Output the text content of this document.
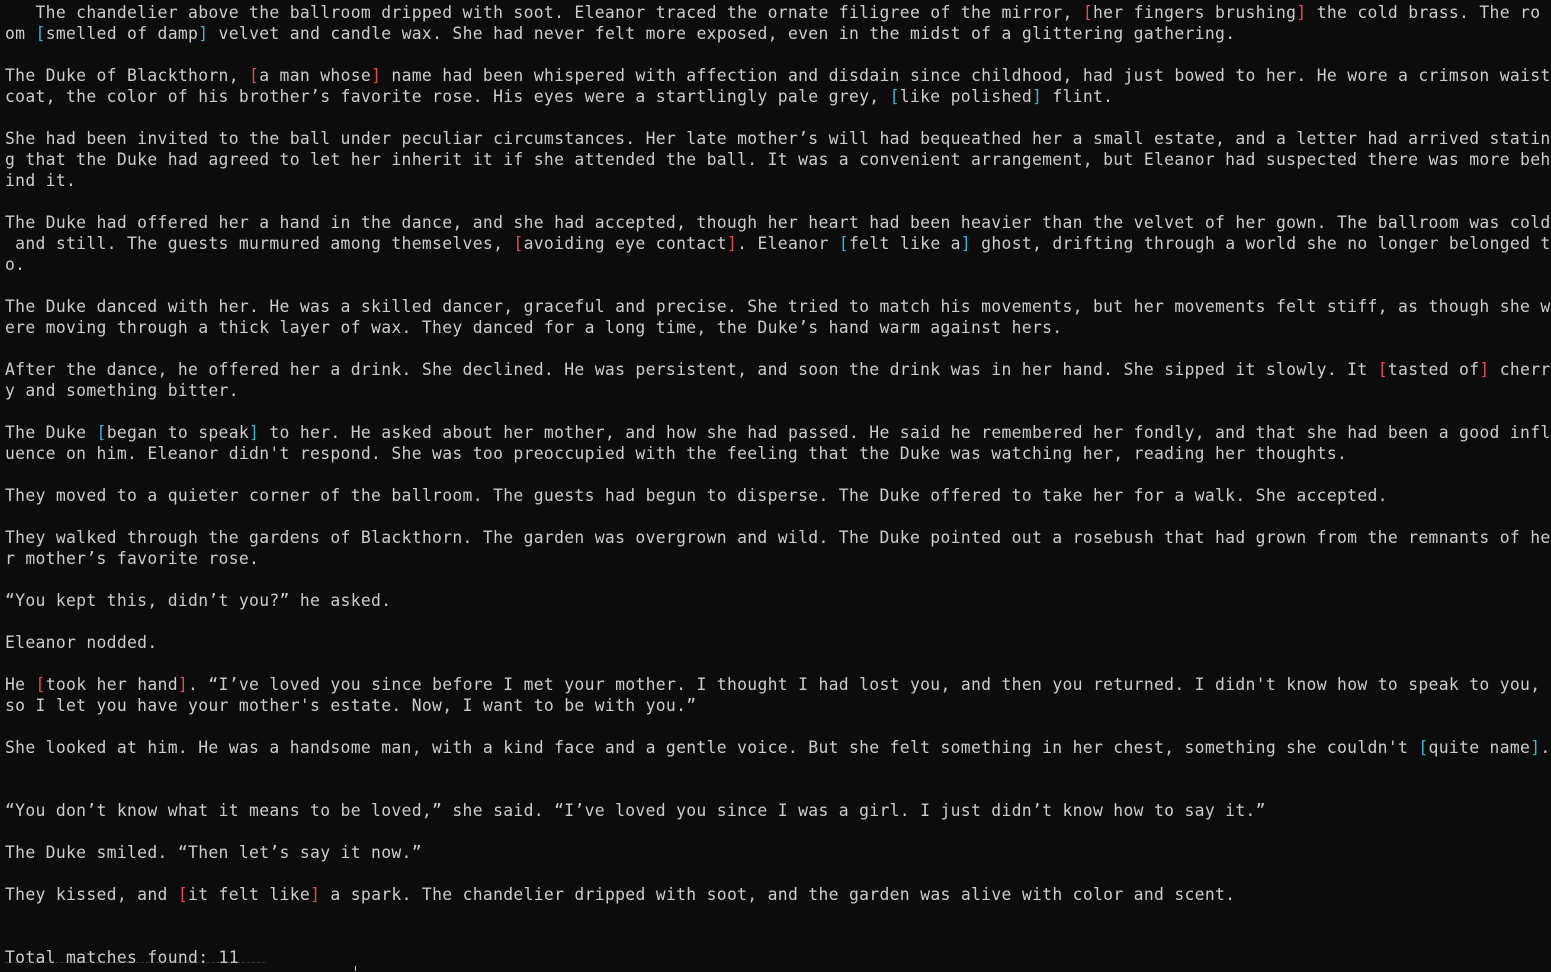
The chandelier above the ballroom dripped with soot. Eleanor traced the ornate filigree of the mirror, [her fingers brushing] the cold brass. The ro
om [smelled of damp] velvet and candle wax. She had never felt more exposed, even in the midst of a glittering gathering.
The Duke of Blackthorn, [a man whose] name had been whispered with affection and disdain since childhood, had just bowed to her. He wore a crimson waist
coat, the color of his brother’s favorite rose. His eyes were a startlingly pale grey, [like polished] flint.
She had been invited to the ball under peculiar circumstances. Her late mother’s will had bequeathed her a small estate, and a letter had arrived statin
g that the Duke had agreed to let her inherit it if she attended the ball. It was a convenient arrangement, but Eleanor had suspected there was more beh
ind it.
The Duke had offered her a hand in the dance, and she had accepted, though her heart had been heavier than the velvet of her gown. The ballroom was cold
and still. The guests murmured among themselves, [avoiding eye contact]. Eleanor [felt like a] ghost, drifting through a world she no longer belonged t
o.
The Duke danced with her. He was a skilled dancer, graceful and precise. She tried to match his movements, but her movements felt stiff, as though she w
ere moving through a thick layer of wax. They danced for a long time, the Duke’s hand warm against hers.
After the dance, he offered her a drink. She declined. He was persistent, and soon the drink was in her hand. She sipped it slowly. It [tasted of] cherr
y and something bitter.
The Duke [began to speak] to her. He asked about her mother, and how she had passed. He said he remembered her fondly, and that she had been a good infl
uence on him. Eleanor didn't respond. She was too preoccupied with the feeling that the Duke was watching her, reading her thoughts.
They moved to a quieter corner of the ballroom. The guests had begun to disperse. The Duke offered to take her for a walk. She accepted.
They walked through the gardens of Blackthorn. The garden was overgrown and wild. The Duke pointed out a rosebush that had grown from the remnants of he
r mother’s favorite rose.
“You kept this, didn’t you?” he asked.
Eleanor nodded.
He [took her hand]. “I’ve loved you since before I met your mother. I thought I had lost you, and then you returned. I didn't know how to speak to you,
so I let you have your mother's estate. Now, I want to be with you.”
She looked at him. He was a handsome man, with a kind face and a gentle voice. But she felt something in her chest, something she couldn't [quite name].
“You don’t know what it means to be loved,” she said. “I’ve loved you since I was a girl. I just didn’t know how to say it.”
The Duke smiled. “Then let’s say it now.”
They kissed, and [it felt like] a spark. The chandelier dripped with soot, and the garden was alive with color and scent.
Total matches found: 11
